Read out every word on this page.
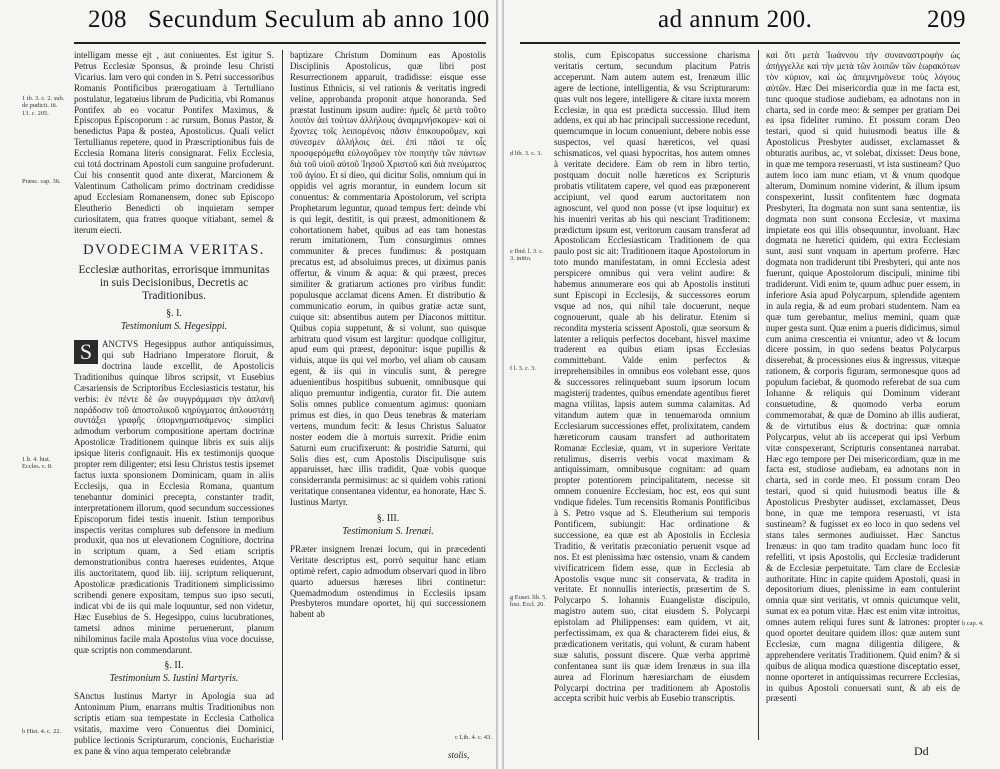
208 Secundum Seculum ab anno 100
1 ib. 3. c. 2. sub. de pudicit. iii. 13. c. 205.
Præsc. cap. 36.
1 b. 4. hist. Eccles. c. 8.
b Hist. 4. c. 22.

intelligam messe ejt , aut coniuentes. Est igitur S. Petrus Ecclesiæ Sponsus, & proinde Iesu Christi Vicarius. Iam vero qui conden in S. Petri successoribus Romanis Pontificibus prærogatiuam à Tertulliano postulatur, legatœius librum de Pudicitia, vbi Romanus Pontifex ab eo vocatur Pontifex Maximus, & Episcopus Episcoporum : ac rursum, Bonus Pastor, & benedictus Papa & postea, Apostolicus. Quali velict Tertullianus repetere, quod in Præscriptionibus fuis de Ecclesia Romana literis consignarat. Felix Ecclesia, cui totá doctrinam Apostoli cum sanguine profuderunt. Cui bis consentit quod ante dixerat, Marcionem & Valentinum Catholicam primo doctrinam credidisse apud Ecclesiam Romanensem, donec sub Episcopo Eleutherio Benedicti ob inquietam semper curiositatem, qua fratres quoque vitiabant, semel & iterum eiecti.

DVODECIMA VERITAS.
Ecclesiæ authoritas, errorisque immunitas in suis Decisionibus, Decretis ac Traditionibus.
§. I.
Testimonium S. Hegesippi.

S	ANCTVS Hegesippus author antiquissimus, qui sub Hadriano Imperatore floruit, & doctrina laude excellit, de Apostolicis Traditionibus quinque libros scripsit, vt Eusebius Cæsariensis de Scriptoribus Ecclesiasticis testatur, his verbis: ἐν πέντε δὲ ὢν συγγράμμασι τὴν ἀπλανῆ παράδοσιν τοῦ ἀποστολικοῦ κηρύγματος ἀπλουστάτῃ συντάξει γραφῆς ὑπομνηματισάμενος· simplici admodum verborum compositione apertam doctrinæ Apostolicæ Traditionem quinque libris ex suis alijs ipsique literis confignauit. His ex testimonijs quoque propter rem diligenter; etsi Iesu Christus testis ipsemet factus iuxta sponsionem Dominicam, quam in aliis Ecclesijs, qua in Ecclesia Romana, quantum tenebantur dominici precepta, constanter tradit, interpretationem illorum, quod secundum successiones Episcoporum fidei testis inuenit. Istiun temporibus inspectis veritas complures sub defensore in medium produxit, qua nos ut elevationem Cognitiore, doctrina in scriptum quam, a Sed etiam scriptis demonstrationibus contra haereses euidentes, Atque ilis auctoritatem, quod lib. iiij. scriptum reliquerunt, Apostolicæ prædicationis Traditionem simplicissimo scribendi genere expositam, tempus suo ipso secuti, indicat vbi de iis qui male loquuntur, sed non videtur, Hæc Eusebius de S. Hegesippo, cuius lucubrationes, tametsi adnos minime peruenerunt, planum nihilominus facile mala Apostolus viua voce docuisse, quæ scriptis non commendarunt.

§. II.
Testimonium S. Iustini Martyris.

SAnctus Iustinus Martyr in Apologia sua ad Antoninum Pium, enarrans multis Traditionibus non scriptis etiam sua tempestate in Ecclesia Catholica vsitatis, maxime vero Conuentus diei Dominici, publice lectionis Scripturarum, concionis, Eucharistiæ ex pane & vino aqua temperato celebrandæ

baptizare Christum Dominum eas Apostolis Disciplinis Apostolicus, quæ libri post Resurrectionem apparuit, tradidisse: eisque esse Iustinus Ethnicis, si vel rationis & veritatis ingredi veline, approbanda proponit atque honoranda. Sed præstat Iustinum ipsum audire: ἡμεῖς δὲ μετὰ τοῦτο λοιπὸν ἀεὶ τούτων ἀλλήλους ἀναμιμνήσκομεν· καὶ οἱ ἔχοντες τοῖς λειπομένοις πᾶσιν ἐπικουροῦμεν, καὶ σύνεσμεν ἀλλήλοις ἀεί. ἐπὶ πᾶσί τε οἷς προσφερόμεθα εὐλογοῦμεν τὸν ποιητὴν τῶν πάντων διὰ τοῦ υἱοῦ αὐτοῦ Ἰησοῦ Χριστοῦ καὶ διὰ πνεύματος τοῦ ἁγίου. Et si dieo, qui dicitur Solis, omnium qui in oppidis vel agris morantur, in eundem locum sit conuentus: & commentaria Apostolorum, vel scripta Prophetarum leguntur, quoad tempus fert: deinde vbi is qui legit, destitit, is qui præest, admonitionem & cohortationem habet, quibus ad eas tam honestas rerum imitationem, Tum consurgimus omnes communiter & preces fundimus: & postquam precatus est, ad absoluimus preces, ut diximus panis offertur, & vinum & aqua: & qui præest, preces similiter & gratiarum actiones pro viribus fundit: populusque acclamat dicens Amen. Et distributio & communicatio eorum, in quibus gratiæ actæ sunt, cuique sit: absentibus autem per Diaconos mittitur. Quibus copia suppetunt, & si volunt, suo quisque arbitratu quod visum est largitur: quodque colligitur, apud eum qui præest, deponitur: isque pupillis & viduis, atque iis qui vel morbo, vel aliam ob causam egent, & iis qui in vinculis sunt, & peregre aduenientibus hospitibus subuenit, omnibusque qui aliquo premuntur indigentia, curator fit. Die autem Solis omnes publice conuentum agimus: quoniam primus est dies, in quo Deus tenebras & materiam vertens, mundum fecit: & Iesus Christus Saluator noster eodem die à mortuis surrexit. Pridie enim Saturni eum crucifixerunt: & postridie Saturni, qui Solis dies est, cum Apostolis Discipulisque suis apparuisset, hæc illis tradidit, Quæ vobis quoque considerranda permisimus: ac si quidem vobis rationi veritatique consentanea videntur, ea honorate, Hæc S. Iustinus Martyr.

§. III.
Testimonium S. Irenæi.

PRæter insignem Irenæi locum, qui in præcedenti Veritate descriptus est, porrò sequitur hanc etiam optimè refert, capio admodum observari quod in libro quarto aduersus hæreses libri continetur: Quemadmodum ostendimus in Ecclesiis ipsam Presbyteros mundare oportet, hij qui successionem habent ab

c Lib. 4. c. 43.
stolis,
ad annum 200.	209
d lib. 3. c. 3.
e Ibid. l. 3. c. 3. initio.
f l. 3. c. 3.
g Eusei. lib. 5. hist. Eccl. 20.
h cap. 4.

stolis, cum Episcopatus successione charisma veritatis certum, secundum placitum Patris acceperunt. Nam autem autem est, Irenæum illic agere de lectione, intelligentia, & vsu Scripturarum: quas vult nos legere, intelligere & citare iuxta morem Ecclesiæ, in qua est prædicta successio. Illud item addens, ex qui ab hac principali successione recedunt, quemcumque in locum conueniunt, debere nobis esse suspectos, vel quasi hæreticos, vel quasi schismaticos, vel quasi hypocritas, hos autem omnes à veritate decidere. Eam ob rem in libro tertio, postquam docuit nolle hæreticos ex Scripturis probatis vtilitatem capere, vel quod eas præponerent accipiunt, vel quod earum auctoritatem non agnoscunt, vel quod non posse (vt ipse loquitur) ex his inueniri veritas ab his qui nesciant Traditionem: prædictum ipsum est, veritorum causam transferat ad Apostolicam Ecclesiasticam Traditionem de qua paulo post sic ait: Traditionem itaque Apostolorum in toto mundo manifestatam, in omni Ecclesia adest perspicere omnibus qui vera velint audire: & habemus annumerare eos qui ab Apostolis instituti sunt Episcopi in Ecclesijs, & successores eorum vsque ad nos, qui nihil tale docuerunt, neque cognouerunt, quale ab his deliratur. Etenim si recondita mysteria scissent Apostoli, quæ seorsum & latenter a reliquis perfectos docebant, hisvel maxime traderent ea quibus etiam ipsas Ecclesias committebant. Valde enim perfectos & irreprehensibiles in omnibus eos volebant esse, quos & successores relinquebant suum ipsorum locum magisterij tradentes, quibus emendate agentibus fieret magna vtilitas, lapsis autem summa calamitas. Ad vitandum autem quæ in tenuemaroda omnium Ecclesiarum successiones effet, prolixitatem, candem hæreticorum causam transfert ad authoritatem Romanæ Ecclesiæ, quam, vt in superiore Veritate retulimus, diserris verbis vocat maximam & antiquissimam, omnibusque cognitam: ad quam propter potentiorem principalitatem, necesse sit omnem conuenire Ecclesiam, hoc est, eos qui sunt vndique fideles. Tum recensitis Romanis Pontificibus à S. Petro vsque ad S. Eleutherium sui temporis Pontificem, subiungit: Hac ordinatione & successione, ea quæ est ab Apostolis in Ecclesia Traditio, & veritatis præconiatio peruenit vsque ad nos. Et est plenissima hæc ostensio, vnam & candem vivificatricem fidem esse, quæ in Ecclesia ab Apostolis vsque nunc sit conservata, & tradita in veritate. Et nonnullis interiectis, præsertim de S. Polycarpo S. Iohannis Euangelistæ discipulo, magistro autem suo, citat eiusdem S. Polycarpi epistolam ad Philippenses: eam quidem, vt ait, perfectissimam, ex qua & characterem fidei eius, & prædicationem veritatis, qui volunt, & curam habent suæ salutis, possunt discere. Quæ verba apprimè confentanea sunt iis quæ idem Irenæus in sua illa aurea ad Florinum hæresiarcham de eiusdem Polycarpi doctrina per traditionem ab Apostolis accepta scribit huic verbis ab Eusebio transcriptis.

καὶ ὅτι μετὰ Ἰωάννου τὴν συναναστροφὴν ὡς ἀπήγγελλε καὶ τὴν μετὰ τῶν λοιπῶν τῶν ἑωρακότων τὸν κύριον, καὶ ὡς ἀπεμνημόνευε τοὺς λόγους αὐτῶν. Hæc Dei misericordia quæ in me facta est, tunc quoque studiose audiebam, ea adnotans non in charta, sed in corde meo: & semper per gratiam Dei ea ipsa fideliter rumino. Et possum coram Deo testari, quod si quid huiusmodi beatus ille & Apostolicus Presbyter audisset, exclamasset & obturatis auribus, ac, vt solebat, dixisset: Deus bone, in quæ me tempora reseruasti, vt ista sustineam? Quo autem loco iam nunc etiam, vt & vnum quodque alterum, Dominum nomine viderint, & illum ipsum conspexerint, Iussit confitentem hæc dogmata Presbyteri, Ita dogmata non sunt sana sententiæ, iis dogmata non sunt consona Ecclesiæ, vt maxima impietate eos qui illis obsequuntur, involuant. Hæc dogmata ne hæretici quidem, qui extra Ecclesiam sunt, ausi sunt vnquam in apertum proferre. Hæc dogmata non tradiderunt tibi Presbyteri, qui ante nos fuerunt, quique Apostolorum discipuli, minime tibi tradiderunt. Vidi enim te, quum adhuc puer essem, in inferiore Asia apud Polycarpum, splendide agentem in aula regia, & ad eum probari studentem. Nam ea quæ tum gerebantur, melius memini, quam quæ nuper gesta sunt. Quæ enim a pueris didicimus, simul cum anima crescentia ei vniuntur, adeo vt & locum dicere possim, in quo sedens beatus Polycarpus disserebat, & processiones eius & ingressus, vitæque rationem, & corporis figuram, sermonesque quos ad populum faciebat, & quomodo referebat de sua cum Iohanne & reliquis qui Dominum viderant consuetudine, & quomodo verba eorum commemorabat, & quæ de Domino ab illis audierat, & de virtutibus eius & doctrina: quæ omnia Polycarpus, velut ab iis acceperat qui ipsi Verbum vitæ conspexerant, Scripturis consentanea narrabat. Hæc ego tempore per Dei misericordiam, quæ in me facta est, studiose audiebam, ea adnotans non in charta, sed in corde meo. Et possum coram Deo testari, quod si quid huiusmodi beatus ille & Apostolicus Presbyter audisset, exclamasset, Deus bone, in quæ me tempora reseruasti, vt ista sustineam? & fugisset ex eo loco in quo sedens vel stans tales sermones audiuisset. Hæc Sanctus Irenæus: in quo tam tradito quadam hunc loco fit refelliti, vt ipsis Apostolis, qui Ecclesiæ tradiderunt & de Ecclesiæ perpetuitate. Tam clare de Ecclesiæ authoritate. Hinc in capite quidem Apostoli, quasi in depositorium diues, plenissime in eam contulerint omnia quæ sint veritatis, vt omnis quicumque velit, sumat ex ea potum vitæ. Hæc est enim vitæ introitus, omnes autem reliqui fures sunt & latrones: propter quod oportet deuitare quidem illos: quæ autem sunt Ecclesiæ, cum magna diligentia diligere, & apprehendere veritatis Traditionem. Quid enim? & si quibus de aliqua modica quæstione disceptatio esset, nonne oporteret in antiquissimas recurrere Ecclesias, in quibus Apostoli conuersati sunt, & ab eis de præsenti

Dd
